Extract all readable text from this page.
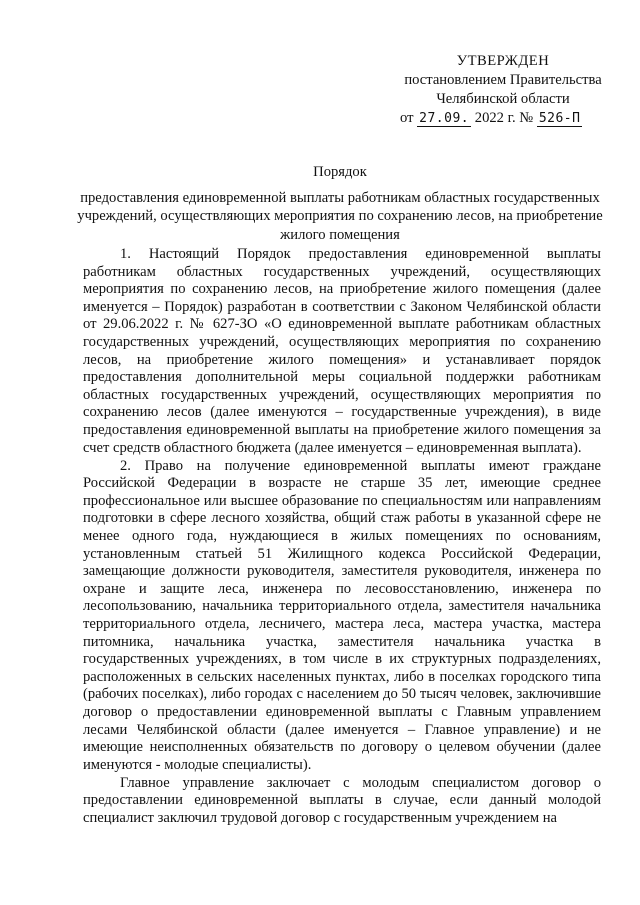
УТВЕРЖДЕН
постановлением Правительства
Челябинской области
от 27.09. 2022 г. № 526-П
Порядок
предоставления единовременной выплаты работникам областных государственных учреждений, осуществляющих мероприятия по сохранению лесов, на приобретение жилого помещения

1. Настоящий Порядок предоставления единовременной выплаты работникам областных государственных учреждений, осуществляющих мероприятия по сохранению лесов, на приобретение жилого помещения (далее именуется – Порядок) разработан в соответствии с Законом Челябинской области от 29.06.2022 г. № 627-ЗО «О единовременной выплате работникам областных государственных учреждений, осуществляющих мероприятия по сохранению лесов, на приобретение жилого помещения» и устанавливает порядок предоставления дополнительной меры социальной поддержки работникам областных государственных учреждений, осуществляющих мероприятия по сохранению лесов (далее именуются – государственные учреждения), в виде предоставления единовременной выплаты на приобретение жилого помещения за счет средств областного бюджета (далее именуется – единовременная выплата).

2. Право на получение единовременной выплаты имеют граждане Российской Федерации в возрасте не старше 35 лет, имеющие среднее профессиональное или высшее образование по специальностям или направлениям подготовки в сфере лесного хозяйства, общий стаж работы в указанной сфере не менее одного года, нуждающиеся в жилых помещениях по основаниям, установленным статьей 51 Жилищного кодекса Российской Федерации, замещающие должности руководителя, заместителя руководителя, инженера по охране и защите леса, инженера по лесовосстановлению, инженера по лесопользованию, начальника территориального отдела, заместителя начальника территориального отдела, лесничего, мастера леса, мастера участка, мастера питомника, начальника участка, заместителя начальника участка в государственных учреждениях, в том числе в их структурных подразделениях, расположенных в сельских населенных пунктах, либо в поселках городского типа (рабочих поселках), либо городах с населением до 50 тысяч человек, заключившие договор о предоставлении единовременной выплаты с Главным управлением лесами Челябинской области (далее именуется – Главное управление) и не имеющие неисполненных обязательств по договору о целевом обучении (далее именуются - молодые специалисты).

Главное управление заключает с молодым специалистом договор о предоставлении единовременной выплаты в случае, если данный молодой специалист заключил трудовой договор с государственным учреждением на
